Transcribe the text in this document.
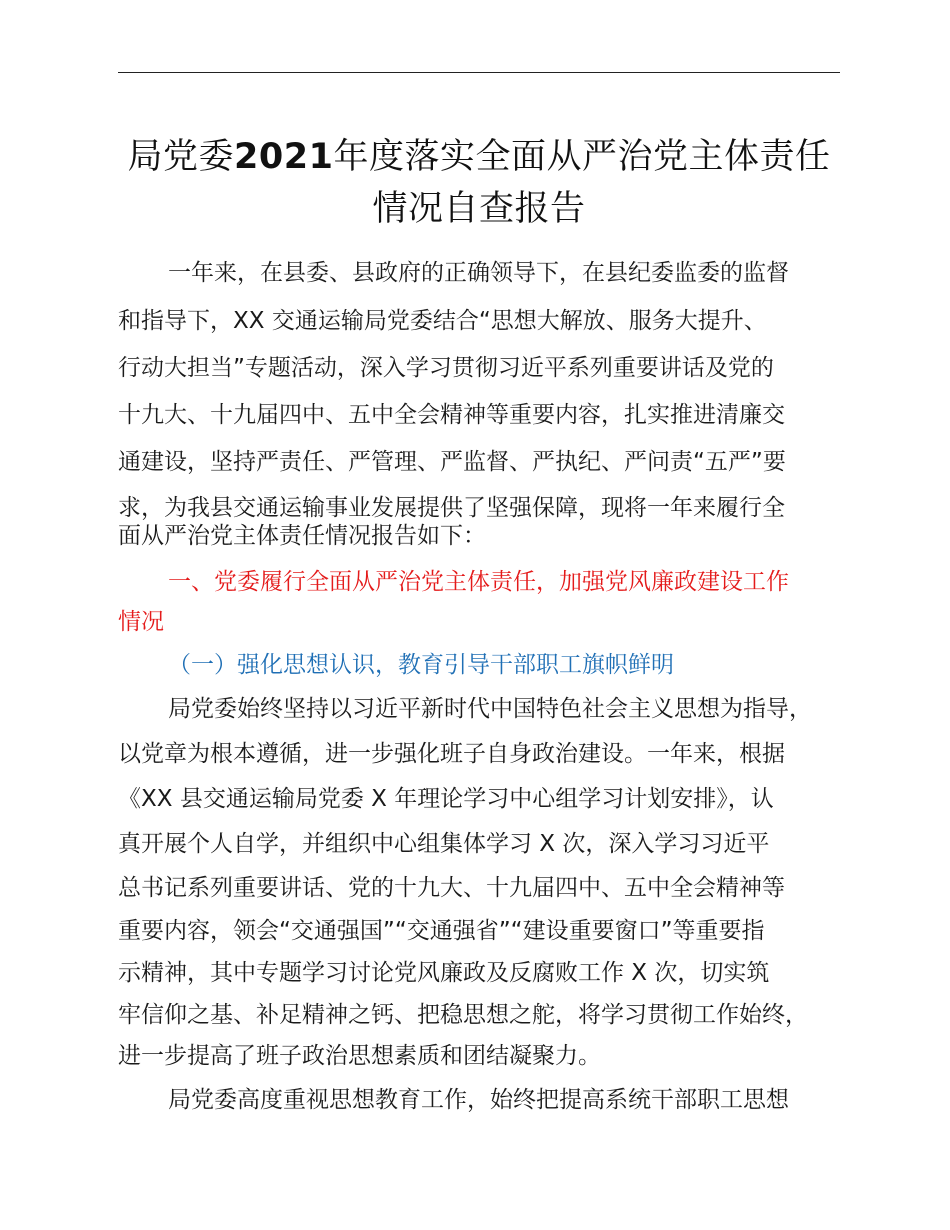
局党委2021年度落实全面从严治党主体责任
情况自查报告
一年来，在县委、县政府的正确领导下，在县纪委监委的监督
和指导下，XX 交通运输局党委结合“思想大解放、服务大提升、
行动大担当”专题活动，深入学习贯彻习近平系列重要讲话及党的
十九大、十九届四中、五中全会精神等重要内容，扎实推进清廉交
通建设，坚持严责任、严管理、严监督、严执纪、严问责“五严”要
求，为我县交通运输事业发展提供了坚强保障，现将一年来履行全
面从严治党主体责任情况报告如下：
一、党委履行全面从严治党主体责任，加强党风廉政建设工作
情况
（一）强化思想认识，教育引导干部职工旗帜鲜明
局党委始终坚持以习近平新时代中国特色社会主义思想为指导，
以党章为根本遵循，进一步强化班子自身政治建设。一年来，根据
《XX 县交通运输局党委 X 年理论学习中心组学习计划安排》，认
真开展个人自学，并组织中心组集体学习 X 次，深入学习习近平
总书记系列重要讲话、党的十九大、十九届四中、五中全会精神等
重要内容，领会“交通强国”“交通强省”“建设重要窗口”等重要指
示精神，其中专题学习讨论党风廉政及反腐败工作 X 次，切实筑
牢信仰之基、补足精神之钙、把稳思想之舵，将学习贯彻工作始终，
进一步提高了班子政治思想素质和团结凝聚力。
局党委高度重视思想教育工作，始终把提高系统干部职工思想
